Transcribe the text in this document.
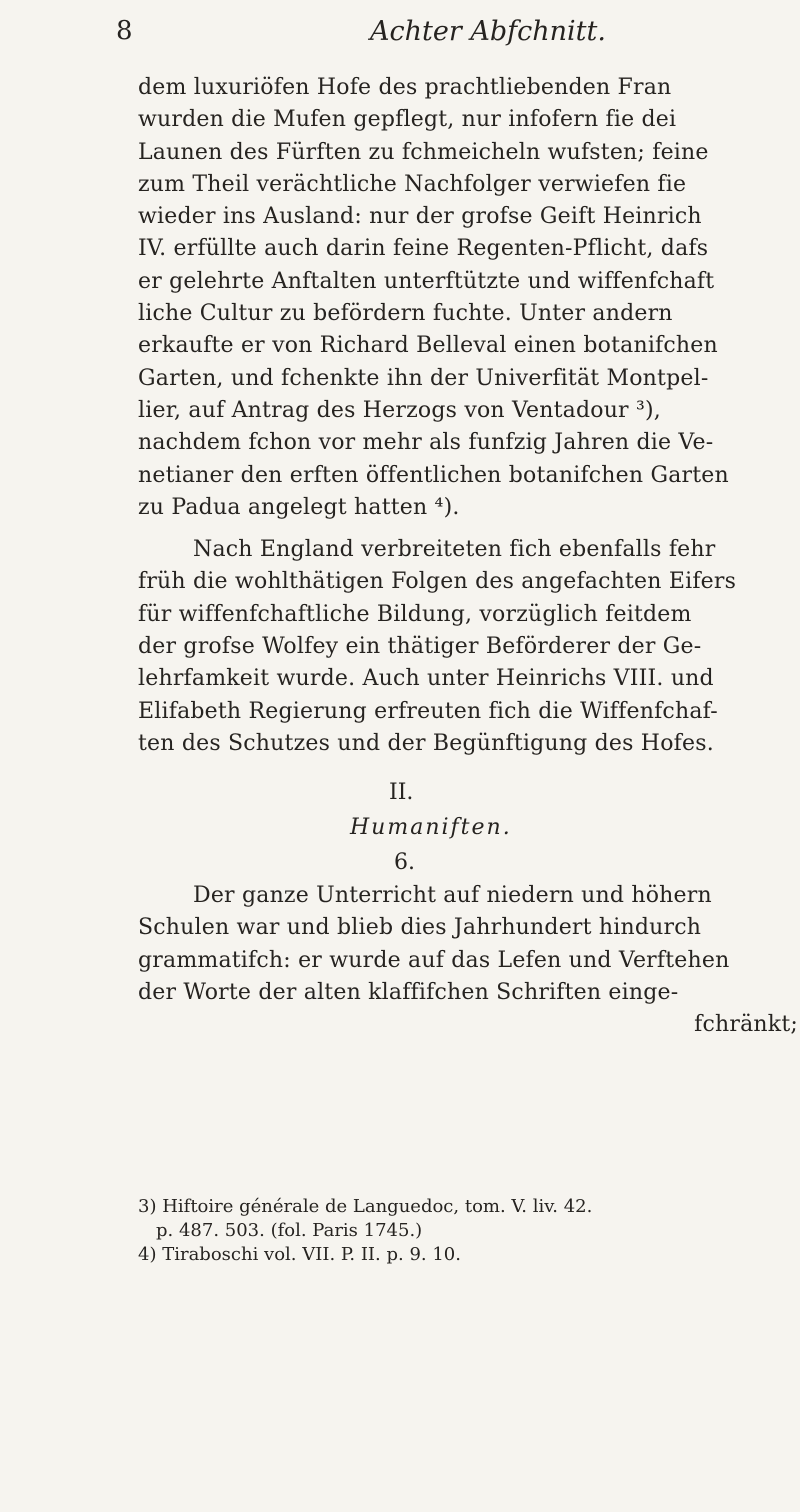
8	Achter Abfchnitt.
dem luxuriöfen Hofe des prachtliebenden Fran
wurden die Mufen gepflegt, nur infofern fie dei
Launen des Fürften zu fchmeicheln wufsten; feine
zum Theil verächtliche Nachfolger verwiefen fie
wieder ins Ausland: nur der grofse Geift Heinrich
IV. erfüllte auch darin feine Regenten-Pflicht, dafs
er gelehrte Anftalten unterftützte und wiffenfchaft
liche Cultur zu befördern fuchte. Unter andern
erkaufte er von Richard Belleval einen botanifchen
Garten, und fchenkte ihn der Univerfität Montpel-
lier, auf Antrag des Herzogs von Ventadour ³),
nachdem fchon vor mehr als funfzig Jahren die Ve-
netianer den erften öffentlichen botanifchen Garten
zu Padua angelegt hatten ⁴).
Nach England verbreiteten fich ebenfalls fehr
früh die wohlthätigen Folgen des angefachten Eifers
für wiffenfchaftliche Bildung, vorzüglich feitdem
der grofse Wolfey ein thätiger Beförderer der Ge-
lehrfamkeit wurde. Auch unter Heinrichs VIII. und
Elifabeth Regierung erfreuten fich die Wiffenfchaf-
ten des Schutzes und der Begünftigung des Hofes.
II.
Humaniften.
6.
Der ganze Unterricht auf niedern und höhern
Schulen war und blieb dies Jahrhundert hindurch
grammatifch: er wurde auf das Lefen und Verftehen
der Worte der alten klaffifchen Schriften einge-
fchränkt;
3) Hiftoire générale de Languedoc, tom. V. liv. 42.
p. 487. 503. (fol. Paris 1745.)
4) Tiraboschi vol. VII. P. II. p. 9. 10.
